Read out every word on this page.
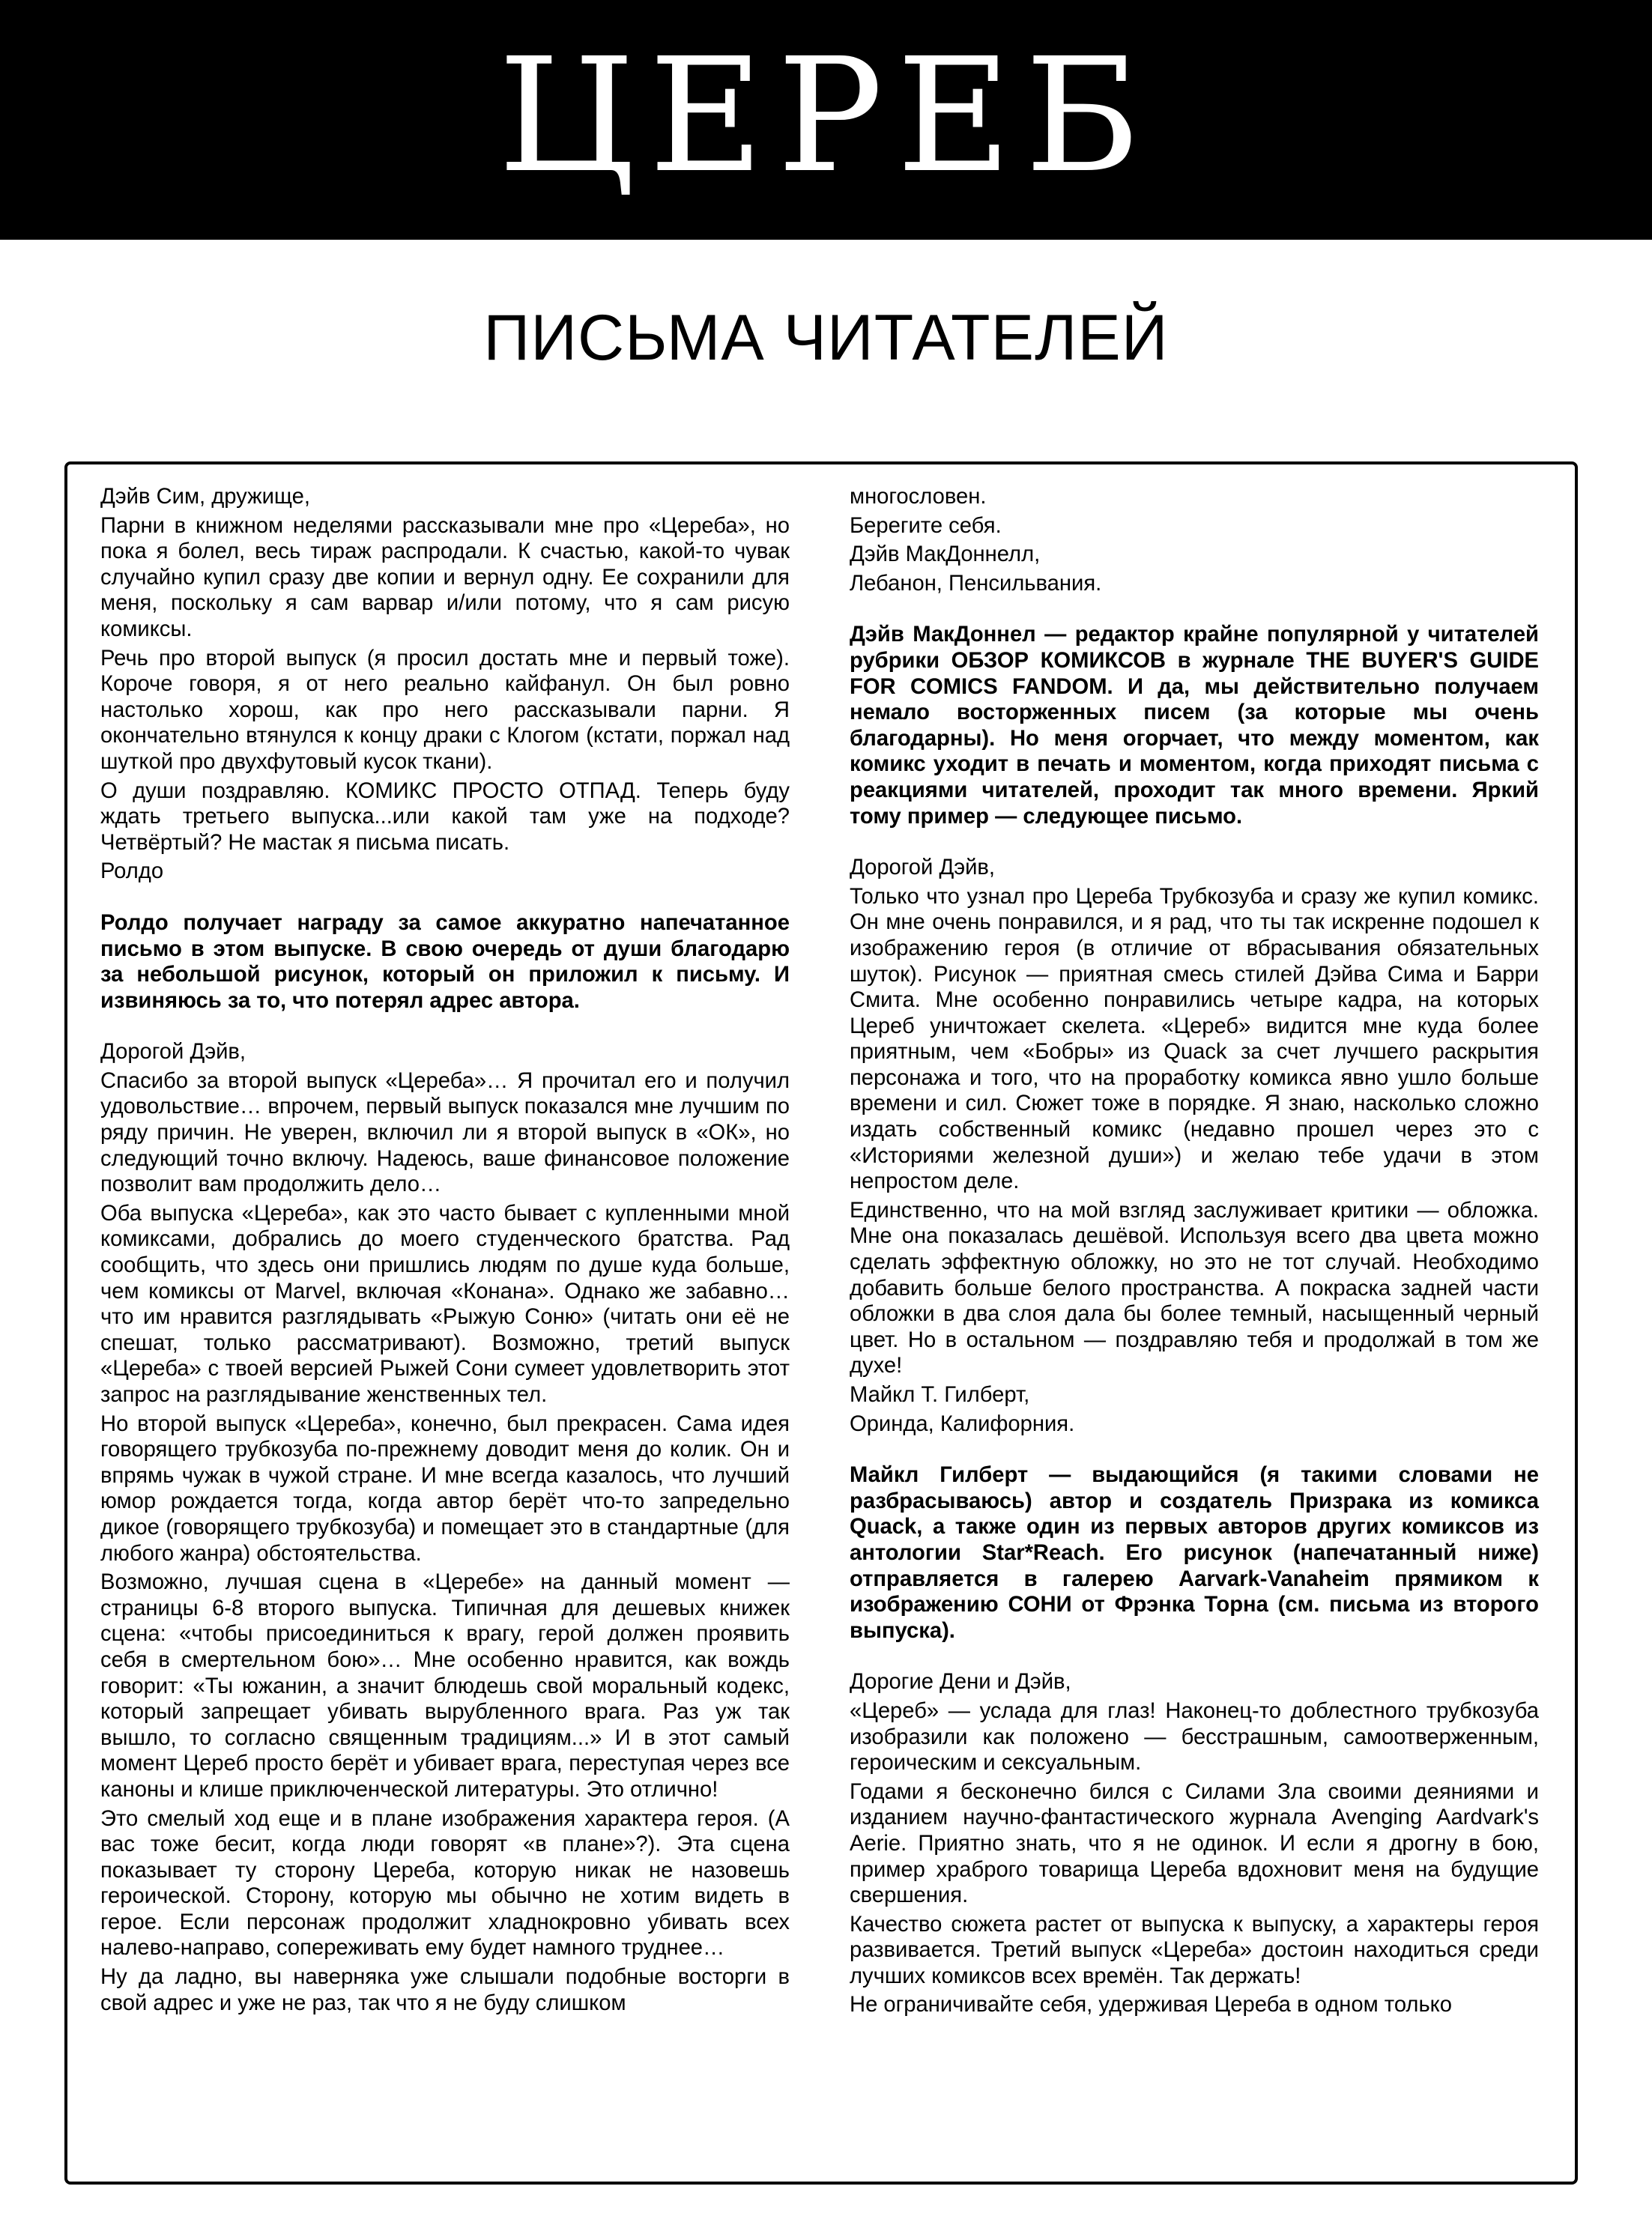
ЦЕРЕБ
ПИСЬМА ЧИТАТЕЛЕЙ

Дэйв Сим, дружище,

Парни в книжном неделями рассказывали мне про «Цереба», но пока я болел, весь тираж распродали. К счастью, какой-то чувак случайно купил сразу две копии и вернул одну. Ее сохранили для меня, поскольку я сам варвар и/или потому, что я сам рисую комиксы.

Речь про второй выпуск (я просил достать мне и первый тоже). Короче говоря, я от него реально кайфанул. Он был ровно настолько хорош, как про него рассказывали парни. Я окончательно втянулся к концу драки с Клогом (кстати, поржал над шуткой про двухфутовый кусок ткани).

О души поздравляю. КОМИКС ПРОСТО ОТПАД. Теперь буду ждать третьего выпуска...или какой там уже на подходе? Четвёртый? Не мастак я письма писать.

Ролдо

Ролдо получает награду за самое аккуратно напечатанное письмо в этом выпуске. В свою очередь от души благодарю за небольшой рисунок, который он приложил к письму. И извиняюсь за то, что потерял адрес автора.

Дорогой Дэйв,

Спасибо за второй выпуск «Цереба»… Я прочитал его и получил удовольствие… впрочем, первый выпуск показался мне лучшим по ряду причин. Не уверен, включил ли я второй выпуск в «ОК», но следующий точно включу. Надеюсь, ваше финансовое положение позволит вам продолжить дело…

Оба выпуска «Цереба», как это часто бывает с купленными мной комиксами, добрались до моего студенческого братства. Рад сообщить, что здесь они пришлись людям по душе куда больше, чем комиксы от Marvel, включая «Конана». Однако же забавно… что им нравится разглядывать «Рыжую Соню» (читать они её не спешат, только рассматривают). Возможно, третий выпуск «Цереба» с твоей версией Рыжей Сони сумеет удовлетворить этот запрос на разглядывание женственных тел.

Но второй выпуск «Цереба», конечно, был прекрасен. Сама идея говорящего трубкозуба по-прежнему доводит меня до колик. Он и впрямь чужак в чужой стране. И мне всегда казалось, что лучший юмор рождается тогда, когда автор берёт что-то запредельно дикое (говорящего трубкозуба) и помещает это в стандартные (для любого жанра) обстоятельства.

Возможно, лучшая сцена в «Церебе» на данный момент — страницы 6-8 второго выпуска. Типичная для дешевых книжек сцена: «чтобы присоединиться к врагу, герой должен проявить себя в смертельном бою»… Мне особенно нравится, как вождь говорит: «Ты южанин, а значит блюдешь свой моральный кодекс, который запрещает убивать вырубленного врага. Раз уж так вышло, то согласно священным традициям...» И в этот самый момент Цереб просто берёт и убивает врага, переступая через все каноны и клише приключенческой литературы. Это отлично!

Это смелый ход еще и в плане изображения характера героя. (А вас тоже бесит, когда люди говорят «в плане»?). Эта сцена показывает ту сторону Цереба, которую никак не назовешь героической. Сторону, которую мы обычно не хотим видеть в герое. Если персонаж продолжит хладнокровно убивать всех налево-направо, сопереживать ему будет намного труднее…

Ну да ладно, вы наверняка уже слышали подобные восторги в свой адрес и уже не раз, так что я не буду слишком

многословен.

Берегите себя.

Дэйв МакДоннелл,

Лебанон, Пенсильвания.

Дэйв МакДоннел — редактор крайне популярной у читателей рубрики ОБЗОР КОМИКСОВ в журнале THE BUYER'S GUIDE FOR COMICS FANDOM. И да, мы действительно получаем немало восторженных писем (за которые мы очень благодарны). Но меня огорчает, что между моментом, как комикс уходит в печать и моментом, когда приходят письма с реакциями читателей, проходит так много времени. Яркий тому пример — следующее письмо.

Дорогой Дэйв,

Только что узнал про Цереба Трубкозуба и сразу же купил комикс. Он мне очень понравился, и я рад, что ты так искренне подошел к изображению героя (в отличие от вбрасывания обязательных шуток). Рисунок — приятная смесь стилей Дэйва Сима и Барри Смита. Мне особенно понравились четыре кадра, на которых Цереб уничтожает скелета. «Цереб» видится мне куда более приятным, чем «Бобры» из Quack за счет лучшего раскрытия персонажа и того, что на проработку комикса явно ушло больше времени и сил. Сюжет тоже в порядке. Я знаю, насколько сложно издать собственный комикс (недавно прошел через это с «Историями железной души») и желаю тебе удачи в этом непростом деле.

Единственно, что на мой взгляд заслуживает критики — обложка. Мне она показалась дешёвой. Используя всего два цвета можно сделать эффектную обложку, но это не тот случай. Необходимо добавить больше белого пространства. А покраска задней части обложки в два слоя дала бы более темный, насыщенный черный цвет. Но в остальном — поздравляю тебя и продолжай в том же духе!

Майкл Т. Гилберт,

Оринда, Калифорния.

Майкл Гилберт — выдающийся (я такими словами не разбрасываюсь) автор и создатель Призрака из комикса Quack, а также один из первых авторов других комиксов из антологии Star*Reach. Его рисунок (напечатанный ниже) отправляется в галерею Aarvark-Vanaheim прямиком к изображению СОНИ от Фрэнка Торна (см. письма из второго выпуска).

Дорогие Дени и Дэйв,

«Цереб» — услада для глаз! Наконец-то доблестного трубкозуба изобразили как положено — бесстрашным, самоотверженным, героическим и сексуальным.

Годами я бесконечно бился с Силами Зла своими деяниями и изданием научно-фантастического журнала Avenging Aardvark's Aerie. Приятно знать, что я не одинок. И если я дрогну в бою, пример храброго товарища Цереба вдохновит меня на будущие свершения.

Качество сюжета растет от выпуска к выпуску, а характеры героя развивается. Третий выпуск «Цереба» достоин находиться среди лучших комиксов всех времён. Так держать!

Не ограничивайте себя, удерживая Цереба в одном только
